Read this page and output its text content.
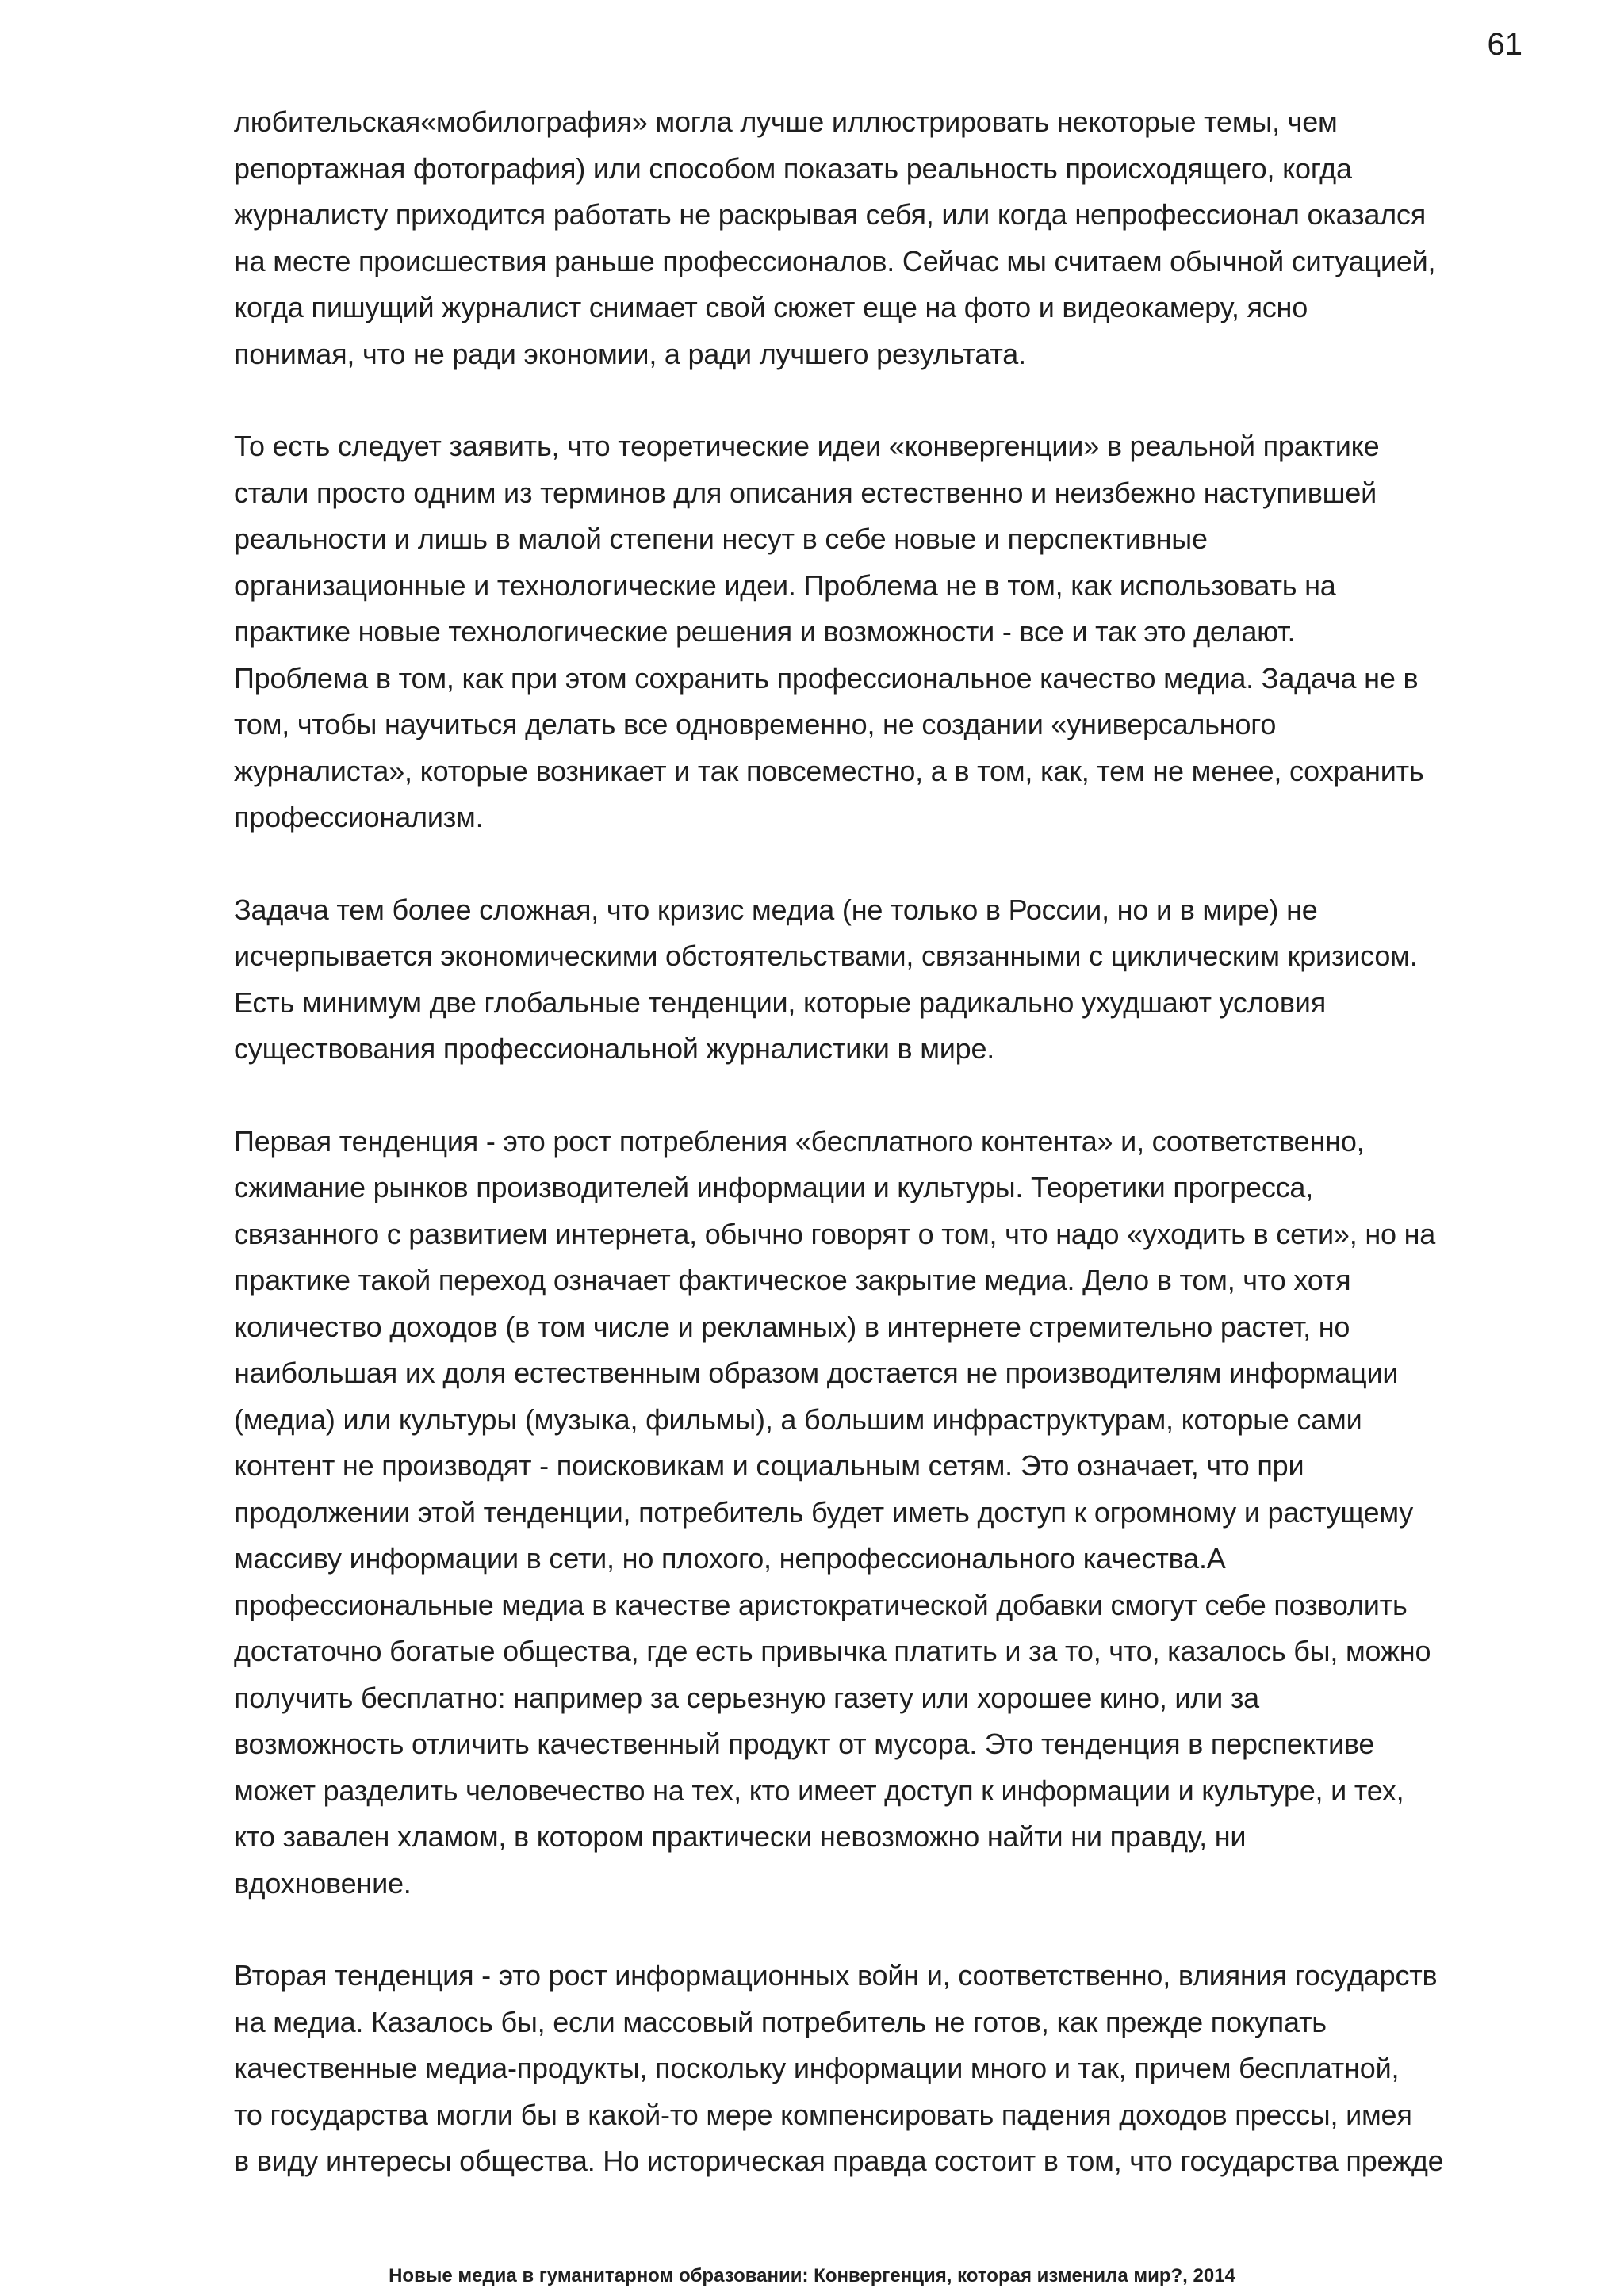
61
любительская«мобилография» могла лучше иллюстрировать некоторые темы, чем
репортажная фотография) или способом показать реальность происходящего, когда
журналисту приходится работать не раскрывая себя, или когда непрофессионал оказался
на месте происшествия раньше профессионалов. Сейчас мы считаем обычной ситуацией,
когда пишущий журналист снимает свой сюжет еще на фото и видеокамеру, ясно
понимая, что не ради экономии, а ради лучшего результата.
То есть следует заявить, что теоретические идеи «конвергенции» в реальной практике
стали просто одним из терминов для описания естественно и неизбежно наступившей
реальности и лишь в малой степени несут в себе новые и перспективные
организационные и технологические идеи. Проблема не в том, как использовать на
практике новые технологические решения и возможности - все и так это делают.
Проблема в том, как при этом сохранить профессиональное качество медиа. Задача не в
том, чтобы научиться делать все одновременно, не создании «универсального
журналиста», которые возникает и так повсеместно, а в том, как, тем не менее, сохранить
профессионализм.
Задача тем более сложная, что кризис медиа (не только в России, но и в мире) не
исчерпывается экономическими обстоятельствами, связанными с циклическим кризисом.
Есть минимум две глобальные тенденции, которые радикально ухудшают условия
существования профессиональной журналистики в мире.
Первая тенденция - это рост потребления «бесплатного контента» и, соответственно,
сжимание рынков производителей информации и культуры. Теоретики прогресса,
связанного с развитием интернета, обычно говорят о том, что надо «уходить в сети», но на
практике такой переход означает фактическое закрытие медиа. Дело в том, что хотя
количество доходов (в том числе и рекламных) в интернете стремительно растет, но
наибольшая их доля естественным образом достается не производителям информации
(медиа) или культуры (музыка, фильмы), а большим инфраструктурам, которые сами
контент не производят - поисковикам и социальным сетям. Это означает, что при
продолжении этой тенденции, потребитель будет иметь доступ к огромному и растущему
массиву информации в сети, но плохого, непрофессионального качества.А
профессиональные медиа в качестве аристократической добавки смогут себе позволить
достаточно богатые общества, где есть привычка платить и за то, что, казалось бы, можно
получить бесплатно: например за серьезную газету или хорошее кино, или за
возможность отличить качественный продукт от мусора. Это тенденция в перспективе
может разделить человечество на тех, кто имеет доступ к информации и культуре, и тех,
кто завален хламом, в котором практически невозможно найти ни правду, ни
вдохновение.
Вторая тенденция - это рост информационных войн и, соответственно, влияния государств
на медиа. Казалось бы, если массовый потребитель не готов, как прежде покупать
качественные медиа-продукты, поскольку информации много и так, причем бесплатной,
то государства могли бы в какой-то мере компенсировать падения доходов прессы, имея
в виду интересы общества. Но историческая правда состоит в том, что государства прежде
Новые медиа в гуманитарном образовании: Конвергенция, которая изменила мир?, 2014
